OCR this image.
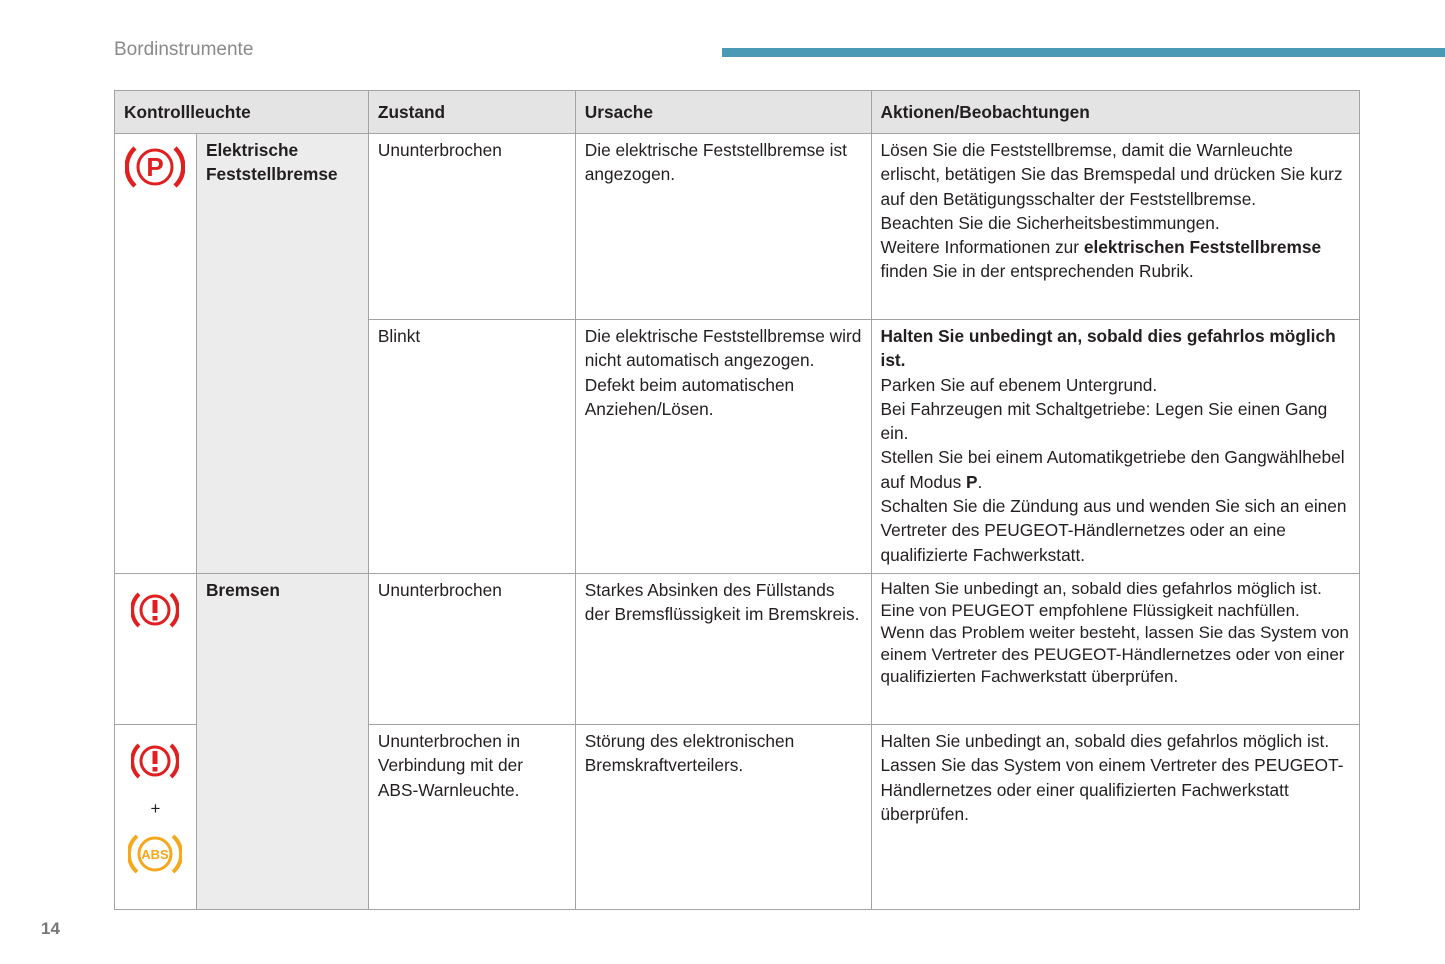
Bordinstrumente
14
Kontrollleuchte		Zustand	Ursache	Aktionen/Beobachtungen

P	Elektrische Feststellbremse	Ununterbrochen	Die elektrische Feststellbremse ist angezogen.	Lösen Sie die Feststellbremse, damit die Warnleuchte erlischt, betätigen Sie das Bremspedal und drücken Sie kurz auf den Betätigungsschalter der Feststellbremse.
Beachten Sie die Sicherheitsbestimmungen.
Weitere Informationen zur elektrischen Feststellbremse finden Sie in der entsprechenden Rubrik.

		Blinkt	Die elektrische Feststellbremse wird nicht automatisch angezogen.
Defekt beim automatischen Anziehen/Lösen.	Halten Sie unbedingt an, sobald dies gefahrlos möglich ist.
Parken Sie auf ebenem Untergrund.
Bei Fahrzeugen mit Schaltgetriebe: Legen Sie einen Gang ein.
Stellen Sie bei einem Automatikgetriebe den Gangwählhebel auf Modus P.
Schalten Sie die Zündung aus und wenden Sie sich an einen Vertreter des PEUGEOT-Händlernetzes oder an eine qualifizierte Fachwerkstatt.

	Bremsen	Ununterbrochen	Starkes Absinken des Füllstands der Bremsflüssigkeit im Bremskreis.	Halten Sie unbedingt an, sobald dies gefahrlos möglich ist.
Eine von PEUGEOT empfohlene Flüssigkeit nachfüllen.
Wenn das Problem weiter besteht, lassen Sie das System von einem Vertreter des PEUGEOT-Händlernetzes oder von einer qualifizierten Fachwerkstatt überprüfen.

+
ABS		Ununterbrochen in Verbindung mit der ABS-Warnleuchte.	Störung des elektronischen Bremskraftverteilers.	Halten Sie unbedingt an, sobald dies gefahrlos möglich ist.
Lassen Sie das System von einem Vertreter des PEUGEOT-Händlernetzes oder einer qualifizierten Fachwerkstatt überprüfen.
